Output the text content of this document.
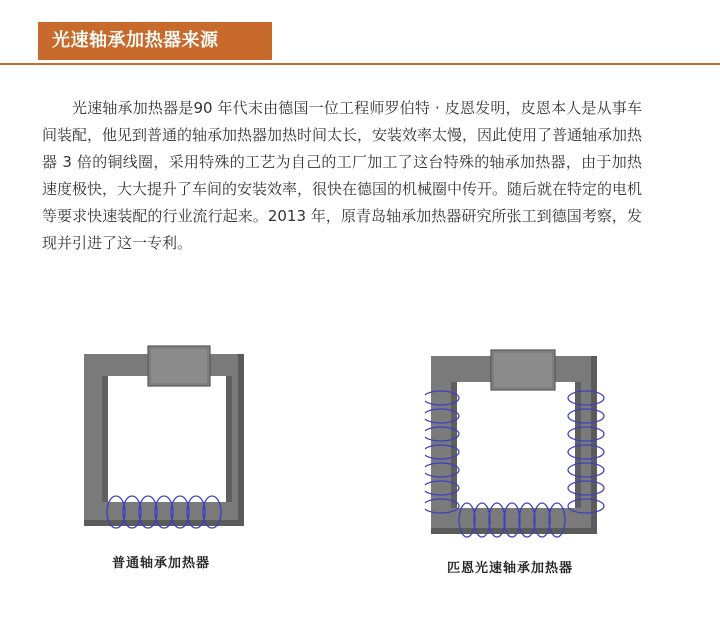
光速轴承加热器来源

光速轴承加热器是90 年代末由德国一位工程师罗伯特 · 皮恩发明，皮恩本人是从事车间装配，他见到普通的轴承加热器加热时间太长，安装效率太慢，因此使用了普通轴承加热器 3 倍的铜线圈，采用特殊的工艺为自己的工厂加工了这台特殊的轴承加热器，由于加热速度极快，大大提升了车间的安装效率，很快在德国的机械圈中传开。随后就在特定的电机等要求快速装配的行业流行起来。2013 年，原青岛轴承加热器研究所张工到德国考察，发现并引进了这一专利。

普通轴承加热器	匹恩光速轴承加热器
